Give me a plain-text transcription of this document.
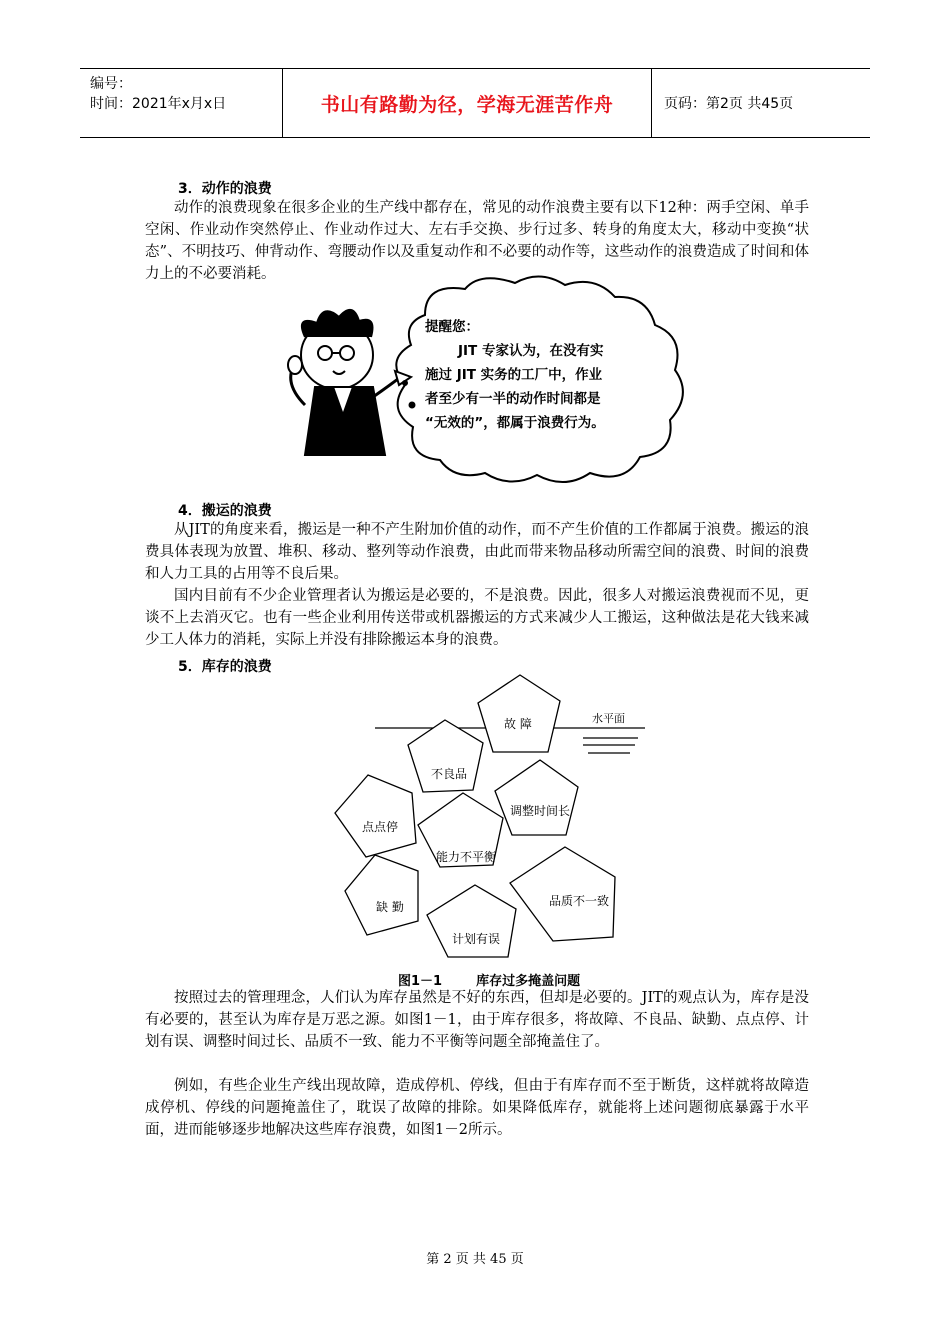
编号：
时间：2021年x月x日	书山有路勤为径，学海无涯苦作舟	页码：第2页 共45页
3．动作的浪费

动作的浪费现象在很多企业的生产线中都存在，常见的动作浪费主要有以下12种：两手空闲、单手空闲、作业动作突然停止、作业动作过大、左右手交换、步行过多、转身的角度太大，移动中变换“状态”、不明技巧、伸背动作、弯腰动作以及重复动作和不必要的动作等，这些动作的浪费造成了时间和体力上的不必要消耗。

提醒您：
JIT 专家认为，在没有实
施过 JIT 实务的工厂中，作业
者至少有一半的动作时间都是
“无效的”，都属于浪费行为。
4．搬运的浪费

从JIT的角度来看，搬运是一种不产生附加价值的动作，而不产生价值的工作都属于浪费。搬运的浪费具体表现为放置、堆积、移动、整列等动作浪费，由此而带来物品移动所需空间的浪费、时间的浪费和人力工具的占用等不良后果。

国内目前有不少企业管理者认为搬运是必要的，不是浪费。因此，很多人对搬运浪费视而不见，更谈不上去消灭它。也有一些企业利用传送带或机器搬运的方式来减少人工搬运，这种做法是花大钱来减少工人体力的消耗，实际上并没有排除搬运本身的浪费。

5．库存的浪费
水平面
故 障
不良品
调整时间长
点点停
能力不平衡
缺 勤	品质不一致
计划有误
图1－1	库存过多掩盖问题

按照过去的管理理念，人们认为库存虽然是不好的东西，但却是必要的。JIT的观点认为，库存是没有必要的，甚至认为库存是万恶之源。如图1－1，由于库存很多，将故障、不良品、缺勤、点点停、计划有误、调整时间过长、品质不一致、能力不平衡等问题全部掩盖住了。

例如，有些企业生产线出现故障，造成停机、停线，但由于有库存而不至于断货，这样就将故障造成停机、停线的问题掩盖住了，耽误了故障的排除。如果降低库存，就能将上述问题彻底暴露于水平面，进而能够逐步地解决这些库存浪费，如图1－2所示。

第 2 页 共 45 页
